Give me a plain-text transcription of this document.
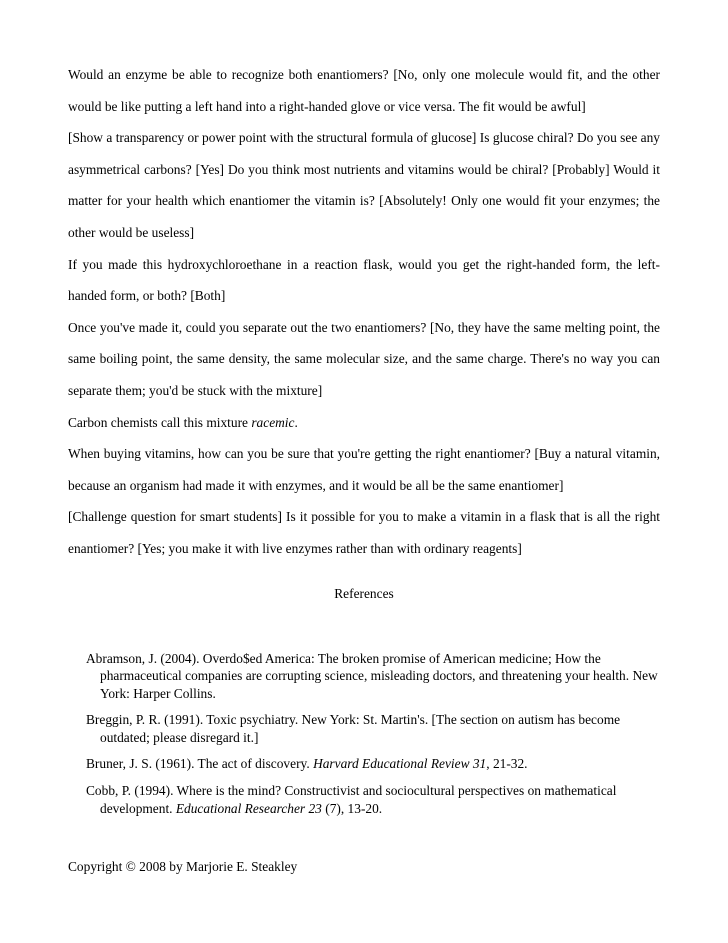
Would an enzyme be able to recognize both enantiomers? [No, only one molecule would fit, and the other would be like putting a left hand into a right-handed glove or vice versa. The fit would be awful]

[Show a transparency or power point with the structural formula of glucose] Is glucose chiral? Do you see any asymmetrical carbons? [Yes] Do you think most nutrients and vitamins would be chiral? [Probably] Would it matter for your health which enantiomer the vitamin is? [Absolutely! Only one would fit your enzymes; the other would be useless]

If you made this hydroxychloroethane in a reaction flask, would you get the right-handed form, the left-handed form, or both? [Both]

Once you've made it, could you separate out the two enantiomers? [No, they have the same melting point, the same boiling point, the same density, the same molecular size, and the same charge. There's no way you can separate them; you'd be stuck with the mixture]

Carbon chemists call this mixture racemic.

When buying vitamins, how can you be sure that you're getting the right enantiomer? [Buy a natural vitamin, because an organism had made it with enzymes, and it would be all be the same enantiomer]

[Challenge question for smart students] Is it possible for you to make a vitamin in a flask that is all the right enantiomer? [Yes; you make it with live enzymes rather than with ordinary reagents]

References

Abramson, J. (2004). Overdo$ed America: The broken promise of American medicine; How the pharmaceutical companies are corrupting science, misleading doctors, and threatening your health. New York: Harper Collins.
Breggin, P. R. (1991). Toxic psychiatry. New York: St. Martin's. [The section on autism has become outdated; please disregard it.]
Bruner, J. S. (1961). The act of discovery. Harvard Educational Review 31, 21-32.
Cobb, P. (1994). Where is the mind? Constructivist and sociocultural perspectives on mathematical development. Educational Researcher 23 (7), 13-20.
Copyright © 2008 by Marjorie E. Steakley
